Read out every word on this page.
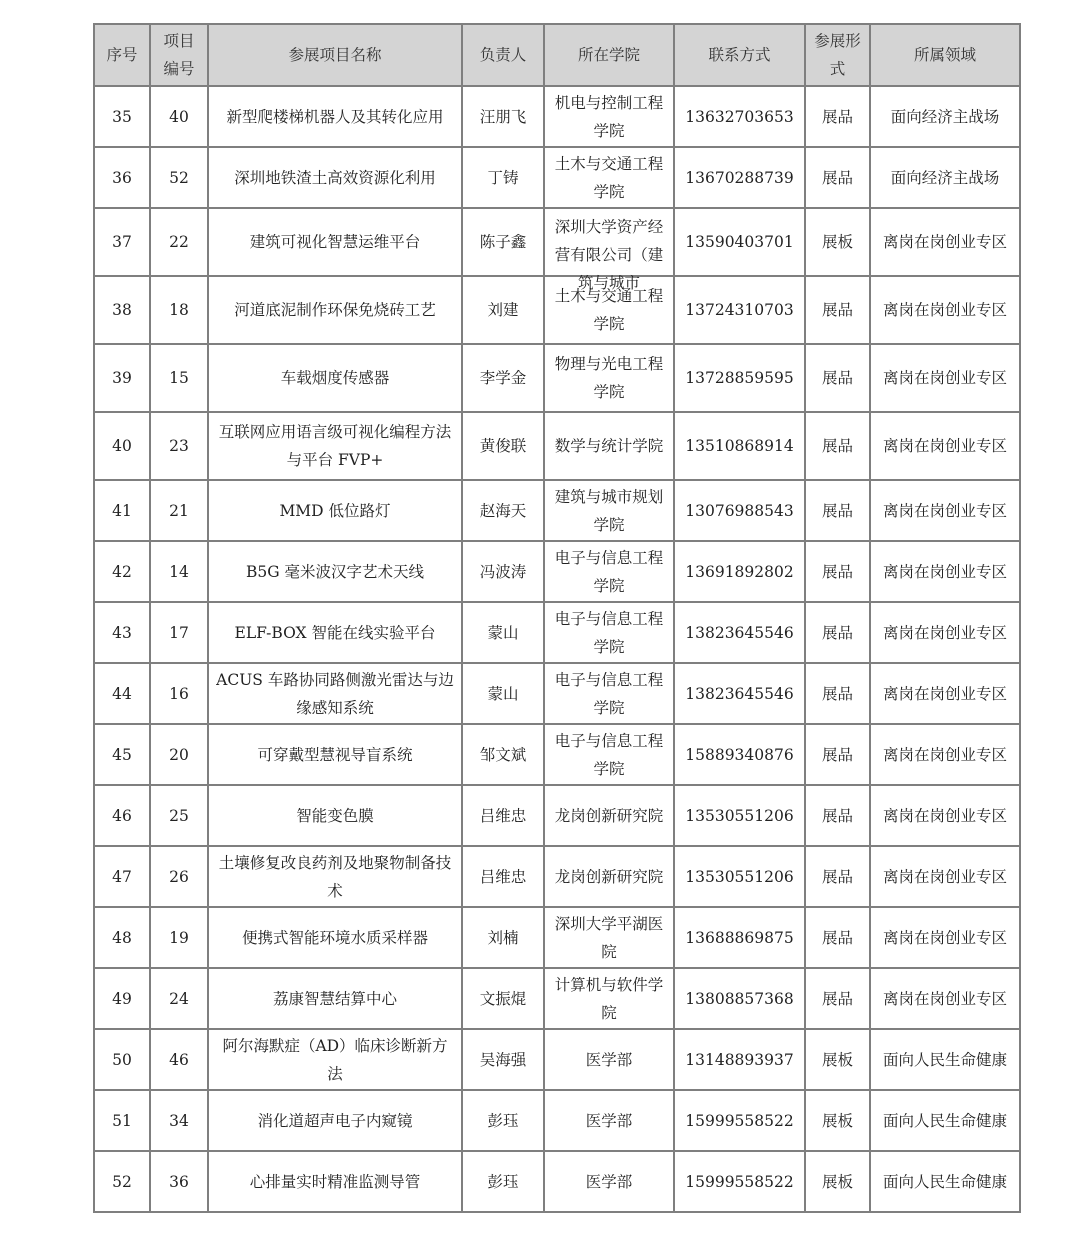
序号	项目编号	参展项目名称	负责人	所在学院	联系方式	参展形式	所属领域
35	40	新型爬楼梯机器人及其转化应用	汪朋飞	机电与控制工程学院	13632703653	展品	面向经济主战场
36	52	深圳地铁渣土高效资源化利用	丁铸	土木与交通工程学院	13670288739	展品	面向经济主战场
37	22	建筑可视化智慧运维平台	陈子鑫	深圳大学资产经营有限公司（建筑与城市	13590403701	展板	离岗在岗创业专区
38	18	河道底泥制作环保免烧砖工艺	刘建	土木与交通工程学院	13724310703	展品	离岗在岗创业专区
39	15	车载烟度传感器	李学金	物理与光电工程学院	13728859595	展品	离岗在岗创业专区
40	23	互联网应用语言级可视化编程方法与平台 FVP+	黄俊联	数学与统计学院	13510868914	展品	离岗在岗创业专区
41	21	MMD 低位路灯	赵海天	建筑与城市规划学院	13076988543	展品	离岗在岗创业专区
42	14	B5G 毫米波汉字艺术天线	冯波涛	电子与信息工程学院	13691892802	展品	离岗在岗创业专区
43	17	ELF-BOX 智能在线实验平台	蒙山	电子与信息工程学院	13823645546	展品	离岗在岗创业专区
44	16	ACUS 车路协同路侧激光雷达与边缘感知系统	蒙山	电子与信息工程学院	13823645546	展品	离岗在岗创业专区
45	20	可穿戴型慧视导盲系统	邹文斌	电子与信息工程学院	15889340876	展品	离岗在岗创业专区
46	25	智能变色膜	吕维忠	龙岗创新研究院	13530551206	展品	离岗在岗创业专区
47	26	土壤修复改良药剂及地聚物制备技术	吕维忠	龙岗创新研究院	13530551206	展品	离岗在岗创业专区
48	19	便携式智能环境水质采样器	刘楠	深圳大学平湖医院	13688869875	展品	离岗在岗创业专区
49	24	荔康智慧结算中心	文振焜	计算机与软件学院	13808857368	展品	离岗在岗创业专区
50	46	阿尔海默症（AD）临床诊断新方法	吴海强	医学部	13148893937	展板	面向人民生命健康
51	34	消化道超声电子内窥镜	彭珏	医学部	15999558522	展板	面向人民生命健康
52	36	心排量实时精准监测导管	彭珏	医学部	15999558522	展板	面向人民生命健康
